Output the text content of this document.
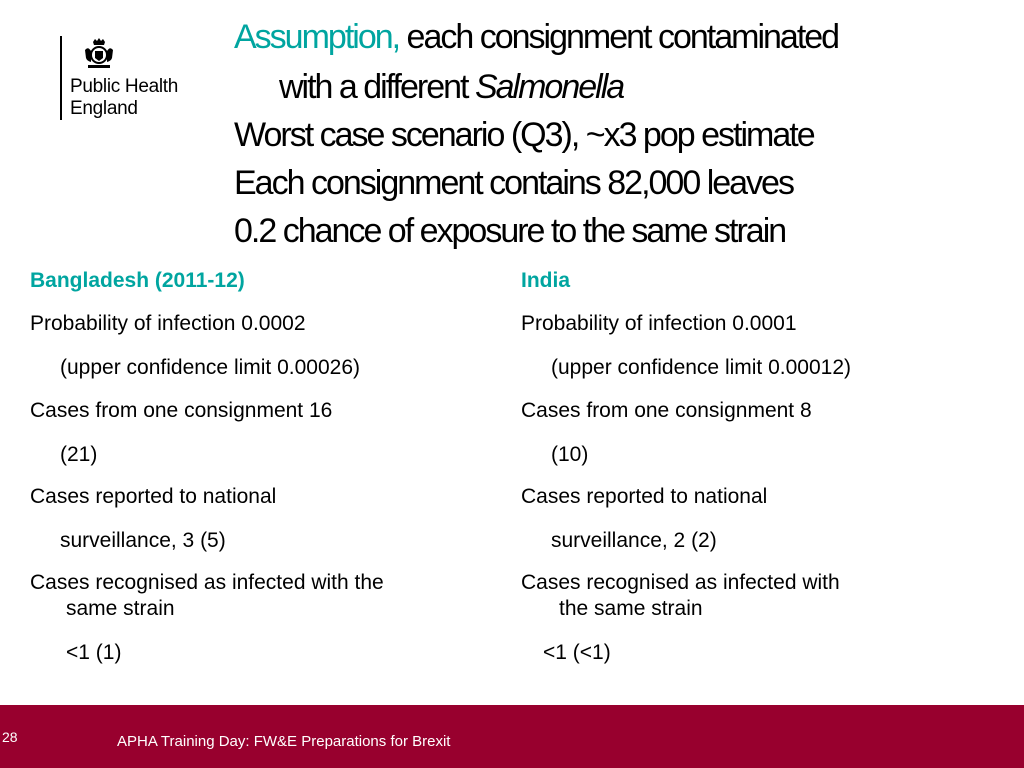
Public Health
England
Assumption, each consignment contaminated
with a different Salmonella
Worst case scenario (Q3), ~x3 pop estimate
Each consignment contains 82,000 leaves
0.2 chance of exposure to the same strain
Bangladesh (2011-12)
Probability of infection 0.0002
(upper confidence limit 0.00026)
Cases from one consignment 16
(21)
Cases reported to national
surveillance, 3 (5)
Cases recognised as infected with the
same strain
<1 (1)
India
Probability of infection 0.0001
(upper confidence limit 0.00012)
Cases from one consignment 8
(10)
Cases reported to national
surveillance, 2 (2)
Cases recognised as infected with
the same strain
<1 (<1)
28	APHA Training Day: FW&E Preparations for Brexit
